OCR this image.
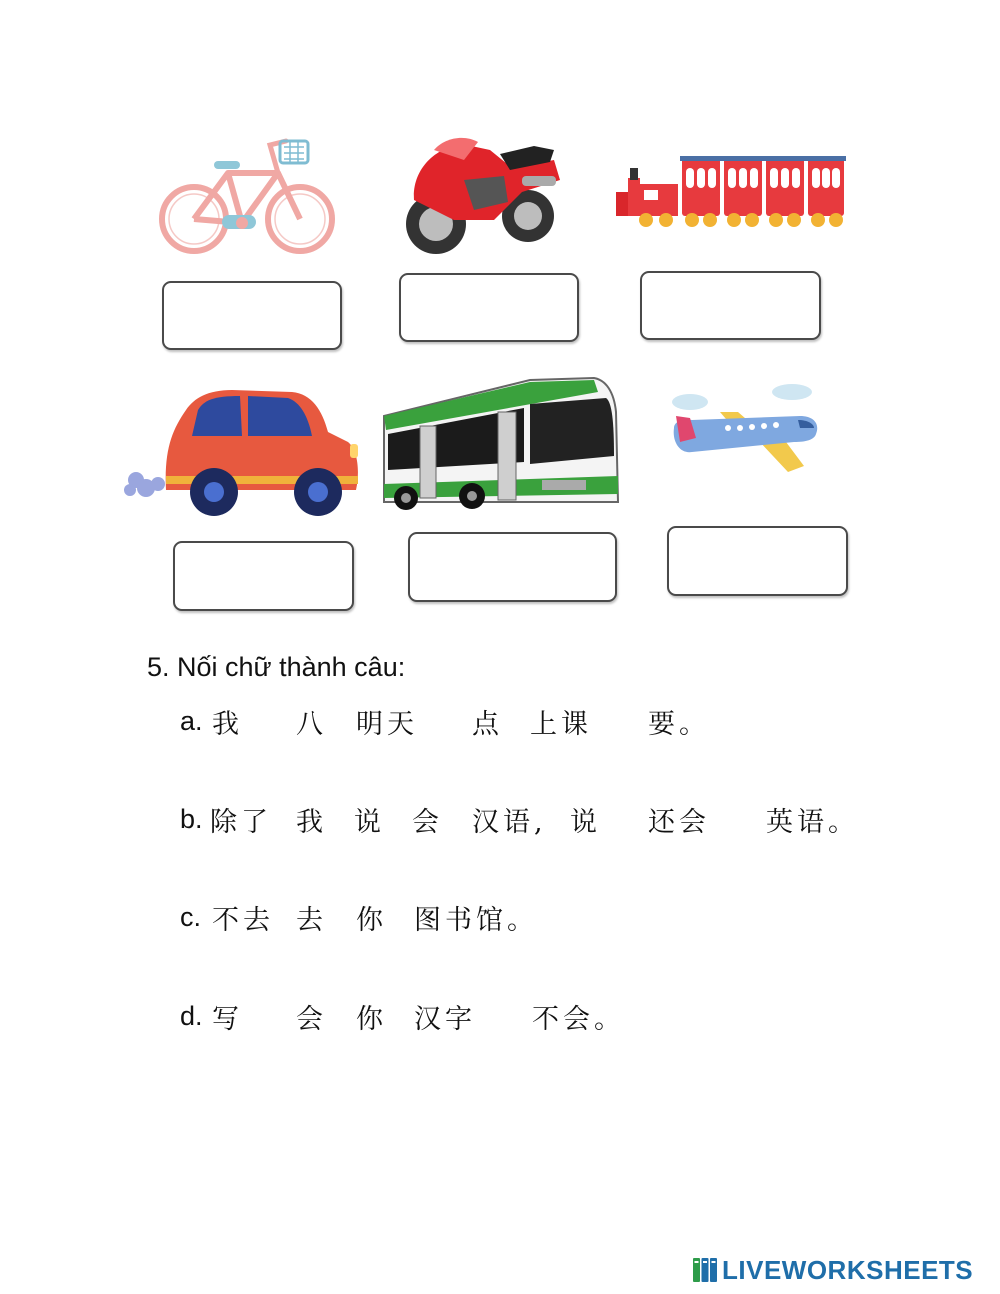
5. Nối chữ thành câu:
a. 我 八 明天 点 上课 要。
b. 除了 我 说 会 汉语, 说 还会 英语。
c. 不去 去 你 图书馆。
d. 写 会 你 汉字 不会。
LIVEWORKSHEETS
